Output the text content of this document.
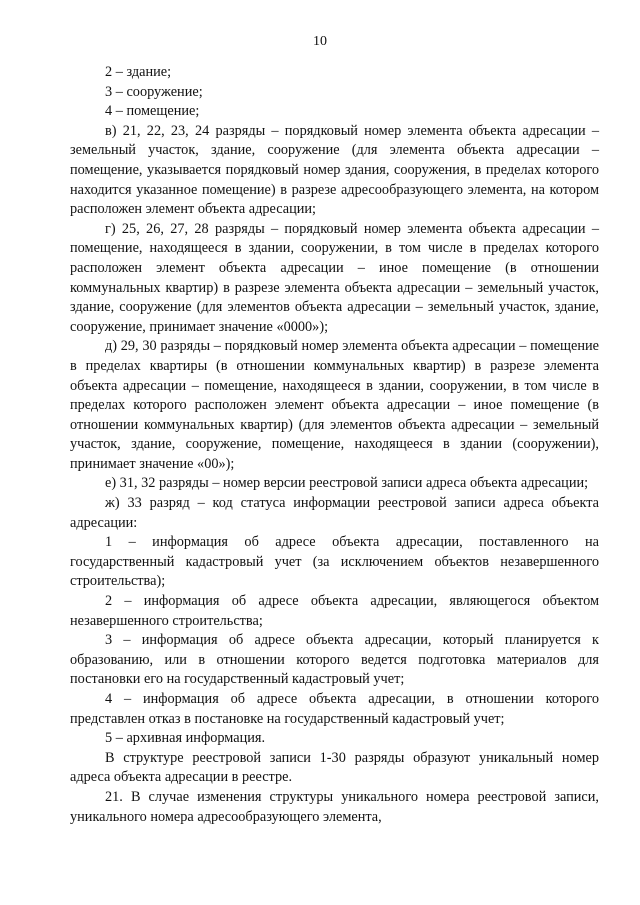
10

2 – здание;

3 – сооружение;

4 – помещение;

в) 21, 22, 23, 24 разряды – порядковый номер элемента объекта адресации – земельный участок, здание, сооружение (для элемента объекта адресации – помещение, указывается порядковый номер здания, сооружения, в пределах которого находится указанное помещение) в разрезе адресообразующего элемента, на котором расположен элемент объекта адресации;

г) 25, 26, 27, 28 разряды – порядковый номер элемента объекта адресации – помещение, находящееся в здании, сооружении, в том числе в пределах которого расположен элемент объекта адресации – иное помещение (в отношении коммунальных квартир) в разрезе элемента объекта адресации – земельный участок, здание, сооружение (для элементов объекта адресации – земельный участок, здание, сооружение, принимает значение «0000»);

д) 29, 30 разряды – порядковый номер элемента объекта адресации – помещение в пределах квартиры (в отношении коммунальных квартир) в разрезе элемента объекта адресации – помещение, находящееся в здании, сооружении, в том числе в пределах которого расположен элемент объекта адресации – иное помещение (в отношении коммунальных квартир) (для элементов объекта адресации – земельный участок, здание, сооружение, помещение, находящееся в здании (сооружении), принимает значение «00»);

е) 31, 32 разряды – номер версии реестровой записи адреса объекта адресации;

ж) 33 разряд – код статуса информации реестровой записи адреса объекта адресации:

1 – информация об адресе объекта адресации, поставленного на государственный кадастровый учет (за исключением объектов незавершенного строительства);

2 – информация об адресе объекта адресации, являющегося объектом незавершенного строительства;

3 – информация об адресе объекта адресации, который планируется к образованию, или в отношении которого ведется подготовка материалов для постановки его на государственный кадастровый учет;

4 – информация об адресе объекта адресации, в отношении которого представлен отказ в постановке на государственный кадастровый учет;

5 – архивная информация.

В структуре реестровой записи 1-30 разряды образуют уникальный номер адреса объекта адресации в реестре.

21. В случае изменения структуры уникального номера реестровой записи, уникального номера адресообразующего элемента,
